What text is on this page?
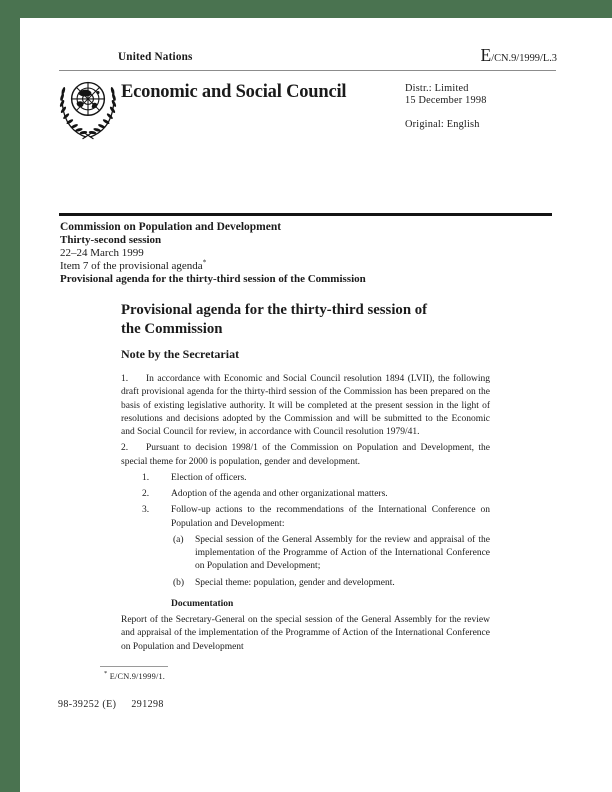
United Nations	E/CN.9/1999/L.3
Economic and Social Council	Distr.: Limited
15 December 1998
Original: English
Commission on Population and Development
Thirty-second session
22–24 March 1999
Item 7 of the provisional agenda*
Provisional agenda for the thirty-third session of the Commission
Provisional agenda for the thirty-third session of
the Commission
Note by the Secretariat

1. In accordance with Economic and Social Council resolution 1894 (LVII), the following draft provisional agenda for the thirty-third session of the Commission has been prepared on the basis of existing legislative authority. It will be completed at the present session in the light of resolutions and decisions adopted by the Commission and will be submitted to the Economic and Social Council for review, in accordance with Council resolution 1979/41.

2. Pursuant to decision 1998/1 of the Commission on Population and Development, the special theme for 2000 is population, gender and development.

1. Election of officers.
2. Adoption of the agenda and other organizational matters.
3. Follow-up actions to the recommendations of the International Conference on Population and Development:
(a) Special session of the General Assembly for the review and appraisal of the implementation of the Programme of Action of the International Conference on Population and Development;
(b) Special theme: population, gender and development.
Documentation

Report of the Secretary-General on the special session of the General Assembly for the review and appraisal of the implementation of the Programme of Action of the International Conference on Population and Development

* E/CN.9/1999/1.
98-39252 (E) 291298
